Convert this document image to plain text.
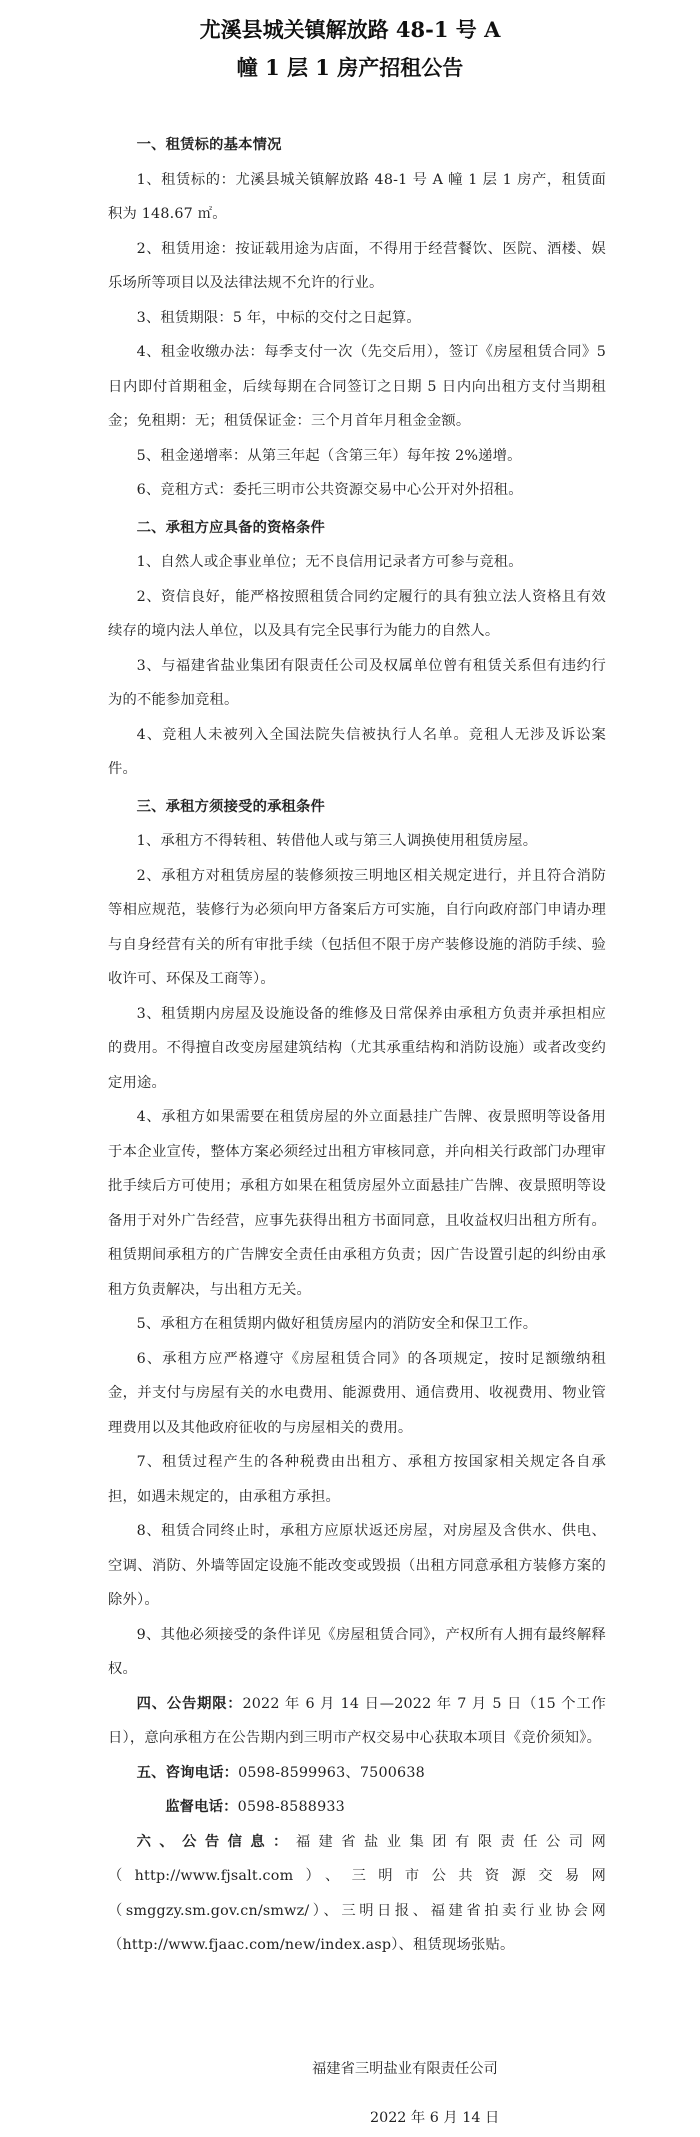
尤溪县城关镇解放路 48-1 号 A
幢 1 层 1 房产招租公告

一、租赁标的基本情况

1、租赁标的：尤溪县城关镇解放路 48-1 号 A 幢 1 层 1 房产，租赁面积为 148.67 ㎡。

2、租赁用途：按证载用途为店面，不得用于经营餐饮、医院、酒楼、娱乐场所等项目以及法律法规不允许的行业。

3、租赁期限：5 年，中标的交付之日起算。

4、租金收缴办法：每季支付一次（先交后用），签订《房屋租赁合同》5 日内即付首期租金，后续每期在合同签订之日期 5 日内向出租方支付当期租金；免租期：无；租赁保证金：三个月首年月租金金额。

5、租金递增率：从第三年起（含第三年）每年按 2%递增。

6、竞租方式：委托三明市公共资源交易中心公开对外招租。

二、承租方应具备的资格条件

1、自然人或企事业单位；无不良信用记录者方可参与竞租。

2、资信良好，能严格按照租赁合同约定履行的具有独立法人资格且有效续存的境内法人单位，以及具有完全民事行为能力的自然人。

3、与福建省盐业集团有限责任公司及权属单位曾有租赁关系但有违约行为的不能参加竞租。

4、竞租人未被列入全国法院失信被执行人名单。竞租人无涉及诉讼案件。

三、承租方须接受的承租条件

1、承租方不得转租、转借他人或与第三人调换使用租赁房屋。

2、承租方对租赁房屋的装修须按三明地区相关规定进行，并且符合消防等相应规范，装修行为必须向甲方备案后方可实施，自行向政府部门申请办理与自身经营有关的所有审批手续（包括但不限于房产装修设施的消防手续、验收许可、环保及工商等）。

3、租赁期内房屋及设施设备的维修及日常保养由承租方负责并承担相应的费用。不得擅自改变房屋建筑结构（尤其承重结构和消防设施）或者改变约定用途。

4、承租方如果需要在租赁房屋的外立面悬挂广告牌、夜景照明等设备用于本企业宣传，整体方案必须经过出租方审核同意，并向相关行政部门办理审批手续后方可使用；承租方如果在租赁房屋外立面悬挂广告牌、夜景照明等设备用于对外广告经营，应事先获得出租方书面同意，且收益权归出租方所有。租赁期间承租方的广告牌安全责任由承租方负责；因广告设置引起的纠纷由承租方负责解决，与出租方无关。

5、承租方在租赁期内做好租赁房屋内的消防安全和保卫工作。

6、承租方应严格遵守《房屋租赁合同》的各项规定，按时足额缴纳租金，并支付与房屋有关的水电费用、能源费用、通信费用、收视费用、物业管理费用以及其他政府征收的与房屋相关的费用。

7、租赁过程产生的各种税费由出租方、承租方按国家相关规定各自承担，如遇未规定的，由承租方承担。

8、租赁合同终止时，承租方应原状返还房屋，对房屋及含供水、供电、空调、消防、外墙等固定设施不能改变或毁损（出租方同意承租方装修方案的除外）。

9、其他必须接受的条件详见《房屋租赁合同》，产权所有人拥有最终解释权。

四、公告期限：2022 年 6 月 14 日—2022 年 7 月 5 日（15 个工作日），意向承租方在公告期内到三明市产权交易中心获取本项目《竞价须知》。

五、咨询电话：0598-8599963、7500638

监督电话：0598-8588933

六、公告信息：福建省盐业集团有限责任公司网（http://www.fjsalt.com）、三明市公共资源交易网（smggzy.sm.gov.cn/smwz/）、三明日报、福建省拍卖行业协会网（http://www.fjaac.com/new/index.asp）、租赁现场张贴。

福建省三明盐业有限责任公司
2022 年 6 月 14 日
